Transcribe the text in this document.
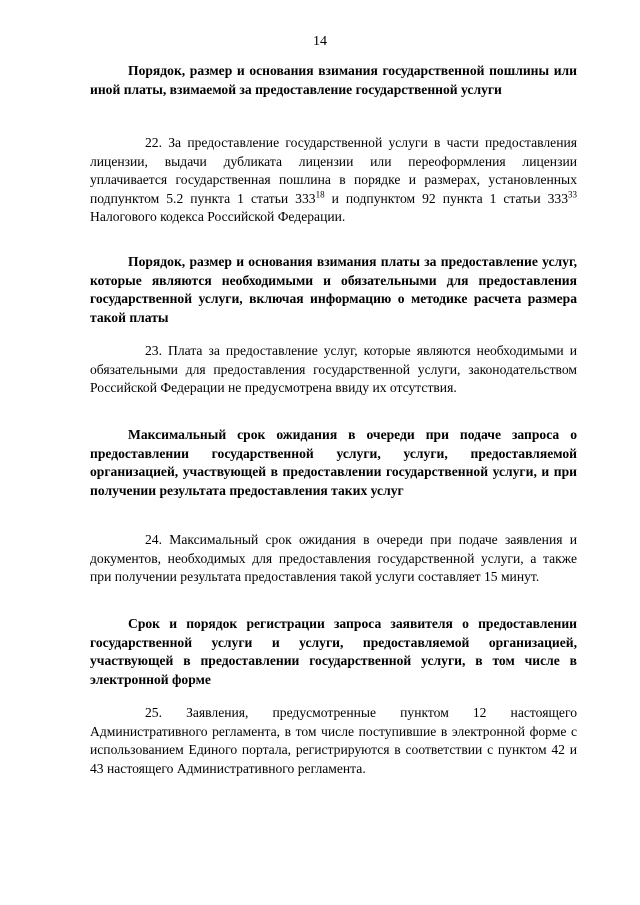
14
Порядок, размер и основания взимания государственной пошлины или иной платы, взимаемой за предоставление государственной услуги
22. За предоставление государственной услуги в части предоставления лицензии, выдачи дубликата лицензии или переоформления лицензии уплачивается государственная пошлина в порядке и размерах, установленных подпунктом 5.2 пункта 1 статьи $333^{18}$ и подпунктом 92 пункта 1 статьи $333^{33}$ Налогового кодекса Российской Федерации.
Порядок, размер и основания взимания платы за предоставление услуг, которые являются необходимыми и обязательными для предоставления государственной услуги, включая информацию о методике расчета размера такой платы
23. Плата за предоставление услуг, которые являются необходимыми и обязательными для предоставления государственной услуги, законодательством Российской Федерации не предусмотрена ввиду их отсутствия.
Максимальный срок ожидания в очереди при подаче запроса о предоставлении государственной услуги, услуги, предоставляемой организацией, участвующей в предоставлении государственной услуги, и при получении результата предоставления таких услуг
24. Максимальный срок ожидания в очереди при подаче заявления и документов, необходимых для предоставления государственной услуги, а также при получении результата предоставления такой услуги составляет 15 минут.
Срок и порядок регистрации запроса заявителя о предоставлении государственной услуги и услуги, предоставляемой организацией, участвующей в предоставлении государственной услуги, в том числе в электронной форме
25. Заявления, предусмотренные пунктом 12 настоящего Административного регламента, в том числе поступившие в электронной форме с использованием Единого портала, регистрируются в соответствии с пунктом 42 и 43 настоящего Административного регламента.
